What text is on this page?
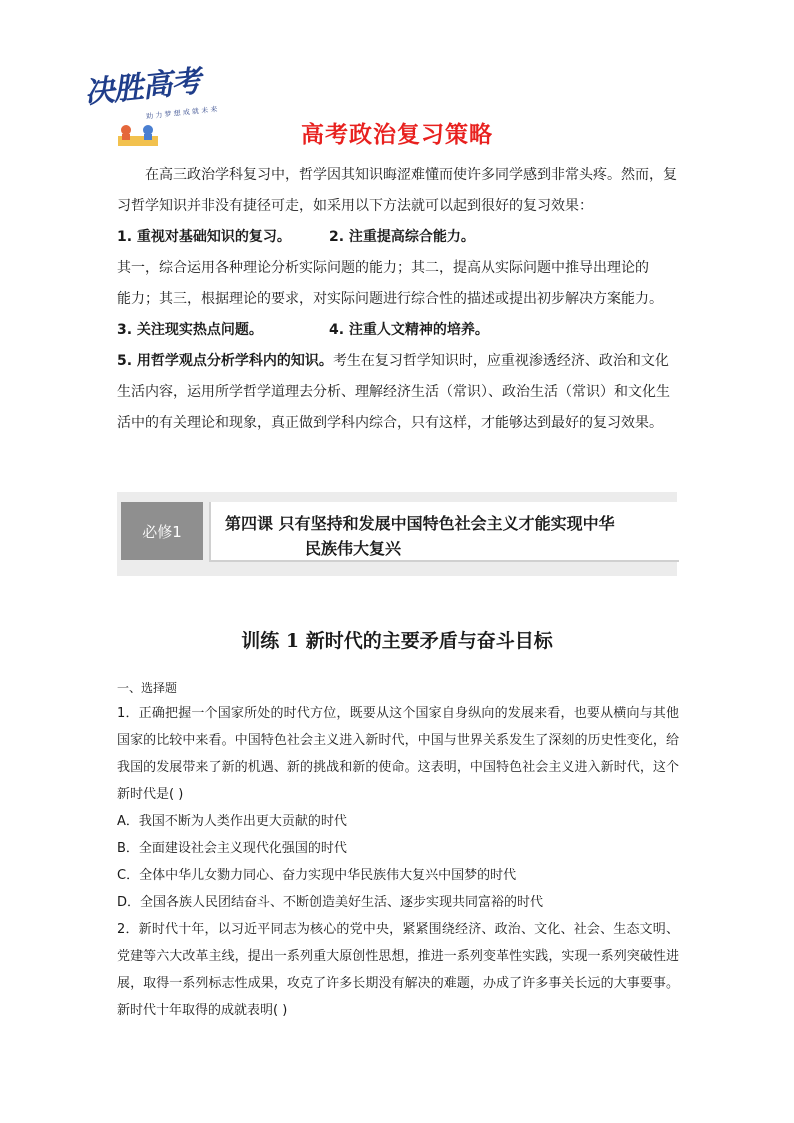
决胜高考
助 力 梦 想 成 就 未 来
高考政治复习策略

在高三政治学科复习中，哲学因其知识晦涩难懂而使许多同学感到非常头疼。然而，复习哲学知识并非没有捷径可走，如采用以下方法就可以起到很好的复习效果：

1. 重视对基础知识的复习。	2. 注重提高综合能力。

其一，综合运用各种理论分析实际问题的能力；其二，提高从实际问题中推导出理论的

能力；其三，根据理论的要求，对实际问题进行综合性的描述或提出初步解决方案能力。

3. 关注现实热点问题。	4. 注重人文精神的培养。

5. 用哲学观点分析学科内的知识。考生在复习哲学知识时，应重视渗透经济、政治和文化生活内容，运用所学哲学道理去分析、理解经济生活（常识）、政治生活（常识）和文化生活中的有关理论和现象，真正做到学科内综合，只有这样，才能够达到最好的复习效果。

必修1	第四课 只有坚持和发展中国特色社会主义才能实现中华
民族伟大复兴
训练 1 新时代的主要矛盾与奋斗目标

一、选择题

1．正确把握一个国家所处的时代方位，既要从这个国家自身纵向的发展来看，也要从横向与其他国家的比较中来看。中国特色社会主义进入新时代，中国与世界关系发生了深刻的历史性变化，给我国的发展带来了新的机遇、新的挑战和新的使命。这表明，中国特色社会主义进入新时代，这个新时代是( )

A．我国不断为人类作出更大贡献的时代

B．全面建设社会主义现代化强国的时代

C．全体中华儿女勠力同心、奋力实现中华民族伟大复兴中国梦的时代

D．全国各族人民团结奋斗、不断创造美好生活、逐步实现共同富裕的时代

2．新时代十年，以习近平同志为核心的党中央，紧紧围绕经济、政治、文化、社会、生态文明、党建等六大改革主线，提出一系列重大原创性思想，推进一系列变革性实践，实现一系列突破性进展，取得一系列标志性成果，攻克了许多长期没有解决的难题，办成了许多事关长远的大事要事。新时代十年取得的成就表明( )
